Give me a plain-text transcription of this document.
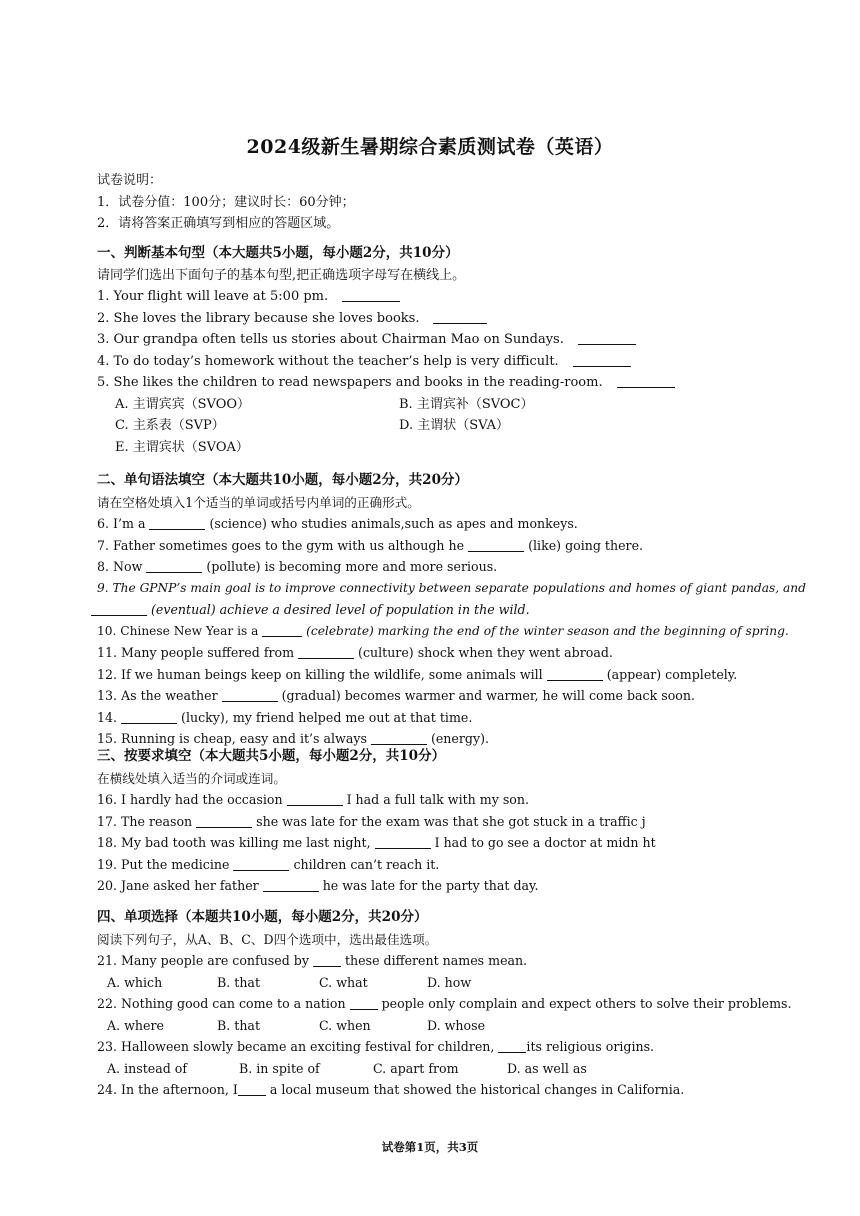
2024级新生暑期综合素质测试卷（英语）
试卷说明：
1．试卷分值：100分；建议时长：60分钟；
2．请将答案正确填写到相应的答题区域。
一、判断基本句型（本大题共5小题，每小题2分，共10分）
请同学们选出下面句子的基本句型,把正确选项字母写在横线上。
1. Your flight will leave at 5:00 pm.
2. She loves the library because she loves books.
3. Our grandpa often tells us stories about Chairman Mao on Sundays.
4. To do today’s homework without the teacher’s help is very difficult.
5. She likes the children to read newspapers and books in the reading-room.
A. 主谓宾宾（SVOO）	B. 主谓宾补（SVOC）
C. 主系表（SVP）	D. 主谓状（SVA）
E. 主谓宾状（SVOA）
二、单句语法填空（本大题共10小题，每小题2分，共20分）
请在空格处填入1个适当的单词或括号内单词的正确形式。
6. I’m a	(science) who studies animals,such as apes and monkeys.
7. Father sometimes goes to the gym with us although he	(like) going there.
8. Now	(pollute) is becoming more and more serious.
9. The GPNP’s main goal is to improve connectivity between separate populations and homes of giant pandas, and
(eventual) achieve a desired level of population in the wild.
10. Chinese New Year is a	(celebrate) marking the end of the winter season and the beginning of spring.
11. Many people suffered from	(culture) shock when they went abroad.
12. If we human beings keep on killing the wildlife, some animals will	(appear) completely.
13. As the weather	(gradual) becomes warmer and warmer, he will come back soon.
14.	(lucky), my friend helped me out at that time.
15. Running is cheap, easy and it’s always	(energy).
三、按要求填空（本大题共5小题，每小题2分，共10分）
在横线处填入适当的介词或连词。
16. I hardly had the occasion	I had a full talk with my son.
17. The reason	she was late for the exam was that she got stuck in a traffic j
18. My bad tooth was killing me last night,	I had to go see a doctor at midn ht
19. Put the medicine	children can’t reach it.
20. Jane asked her father	he was late for the party that day.
四、单项选择（本题共10小题，每小题2分，共20分）
阅读下列句子，从A、B、C、D四个选项中，选出最佳选项。
21. Many people are confused by  these different names mean.
A. which	B. that	C. what	D. how
22. Nothing good can come to a nation  people only complain and expect others to solve their problems.
A. where	B. that	C. when	D. whose
23. Halloween slowly became an exciting festival for children, its religious origins.
A. instead of	B. in spite of	C. apart from	D. as well as
24. In the afternoon, I a local museum that showed the historical changes in California.
试卷第1页，共3页
